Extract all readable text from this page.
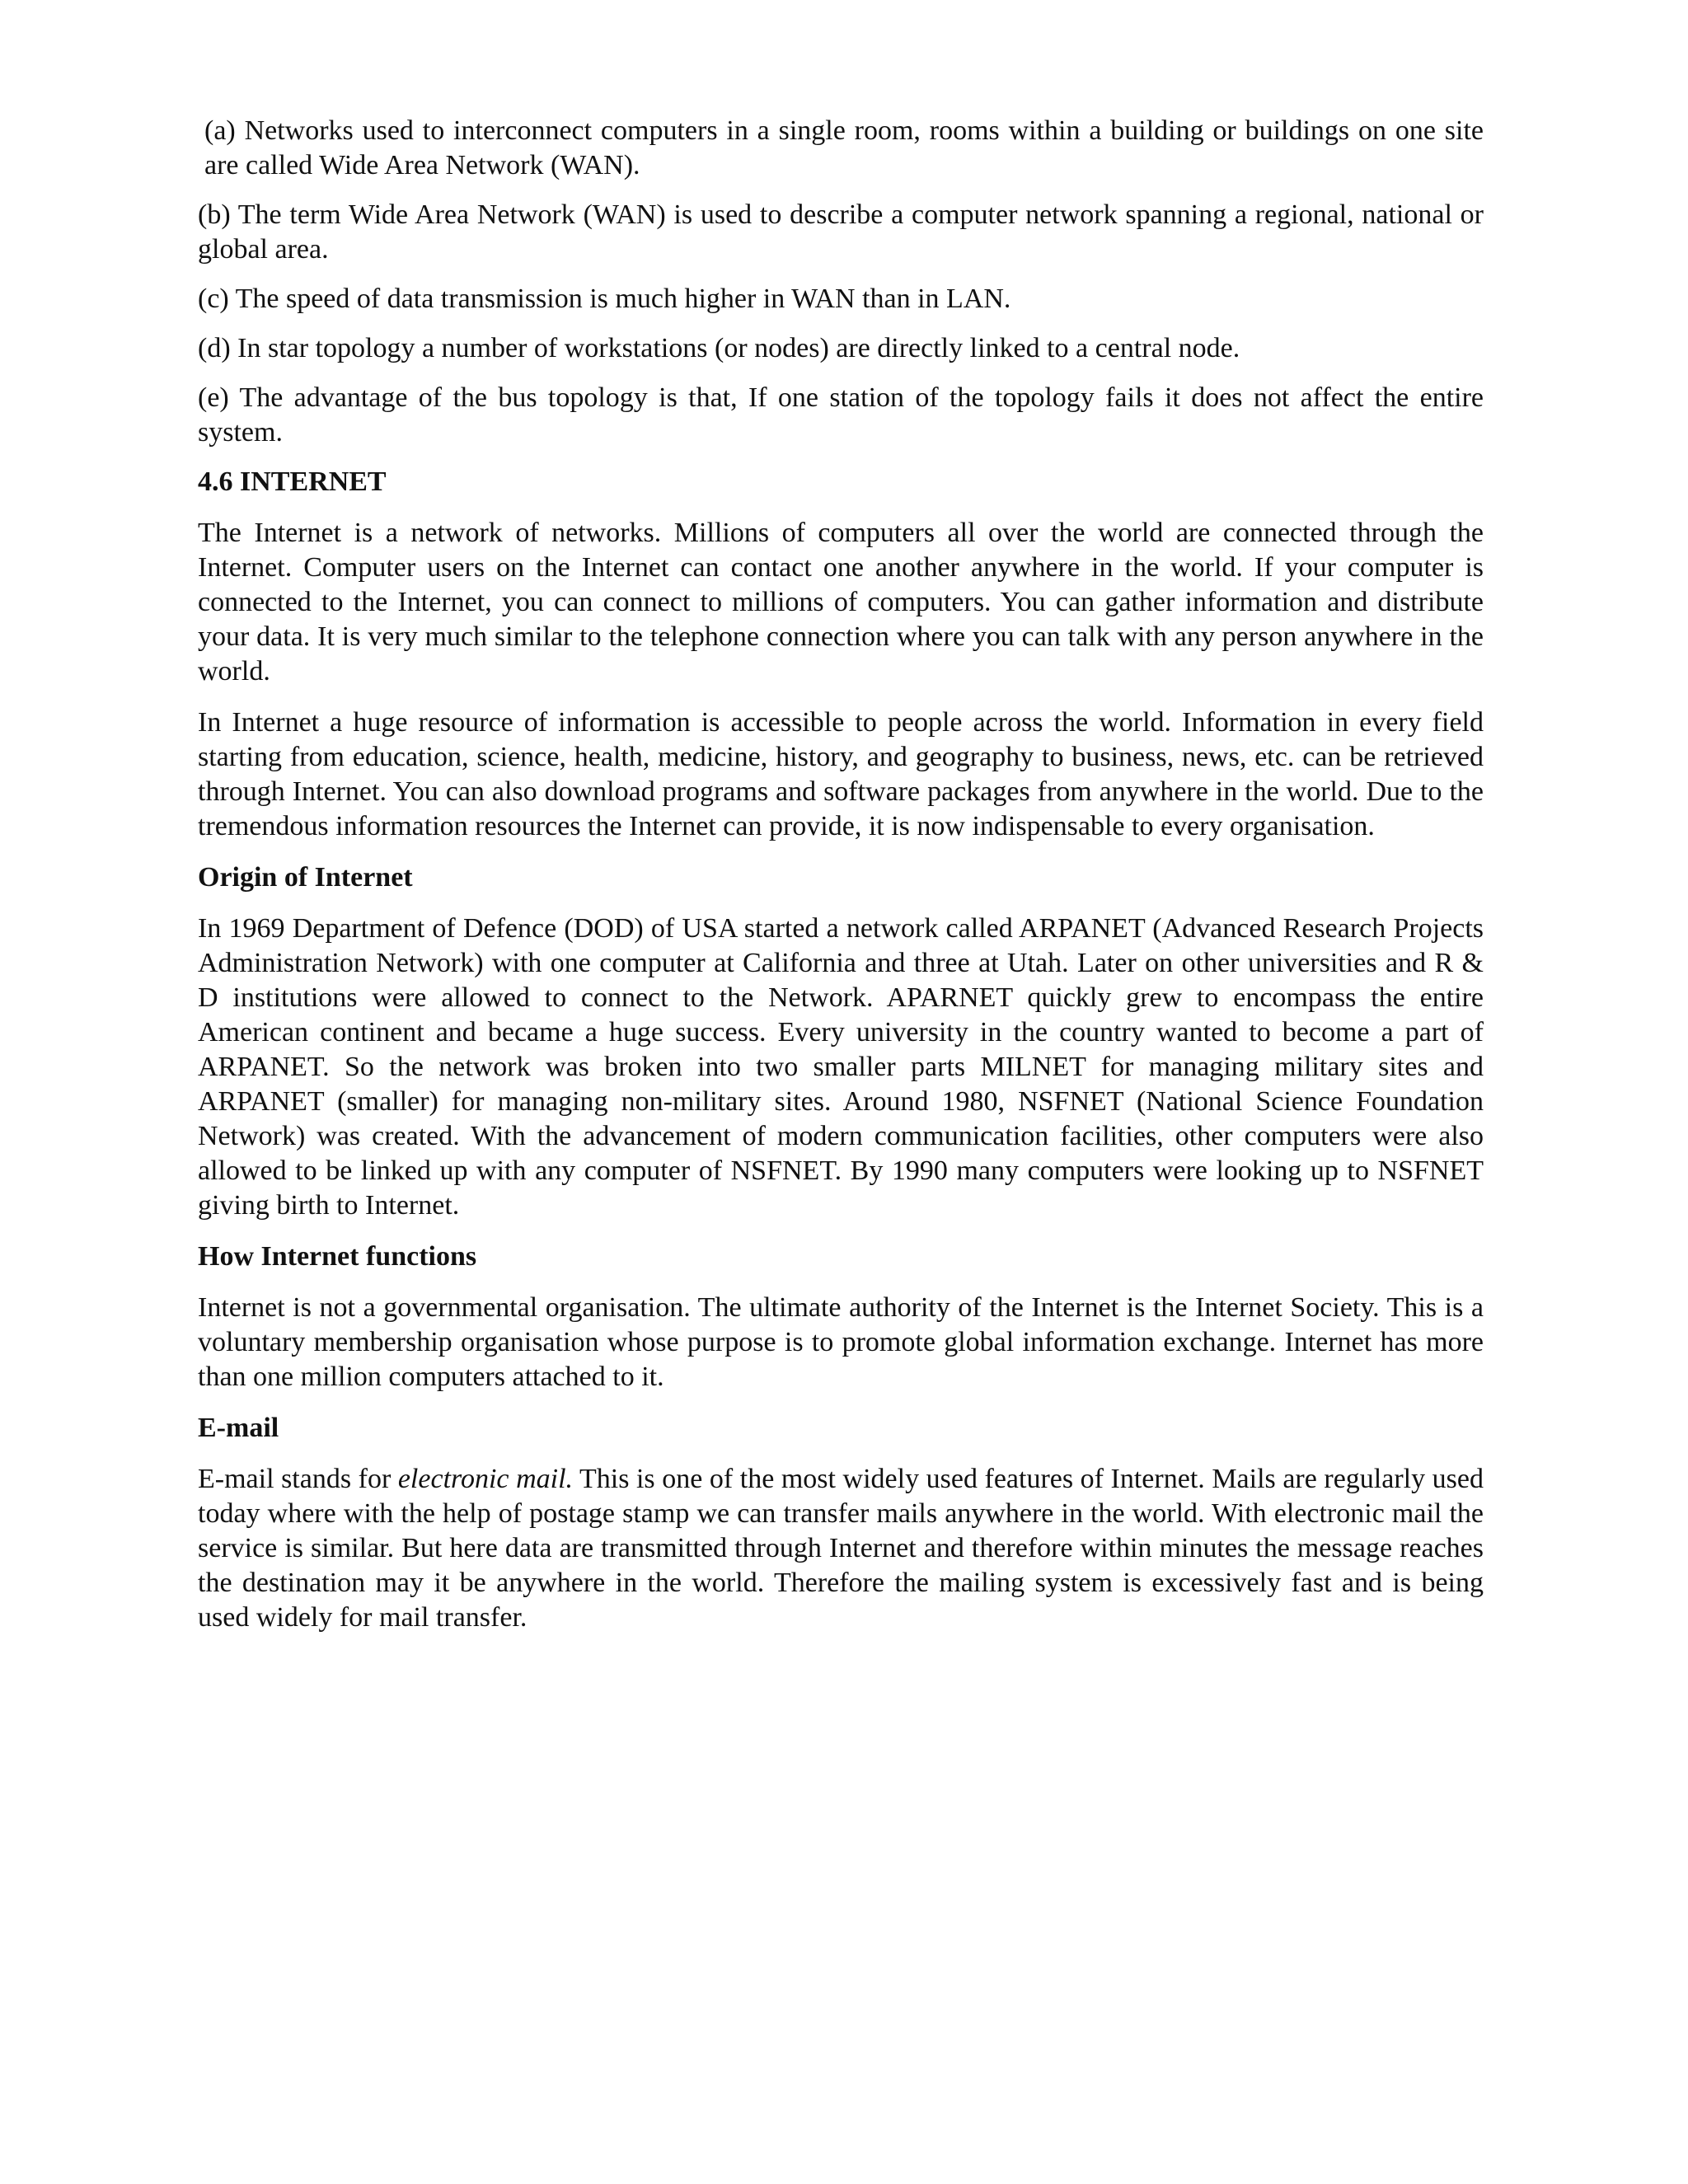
(a) Networks used to interconnect computers in a single room, rooms within a building or buildings on one site are called Wide Area Network (WAN).

(b) The term Wide Area Network (WAN) is used to describe a computer network spanning a regional, national or global area.

(c) The speed of data transmission is much higher in WAN than in LAN.

(d) In star topology a number of workstations (or nodes) are directly linked to a central node.

(e) The advantage of the bus topology is that, If one station of the topology fails it does not affect the entire system.

4.6 INTERNET

The Internet is a network of networks. Millions of computers all over the world are connected through the Internet. Computer users on the Internet can contact one another anywhere in the world. If your computer is connected to the Internet, you can connect to millions of computers. You can gather information and distribute your data. It is very much similar to the telephone connection where you can talk with any person anywhere in the world.

In Internet a huge resource of information is accessible to people across the world. Information in every field starting from education, science, health, medicine, history, and geography to business, news, etc. can be retrieved through Internet. You can also download programs and software packages from anywhere in the world. Due to the tremendous information resources the Internet can provide, it is now indispensable to every organisation.

Origin of Internet

In 1969 Department of Defence (DOD) of USA started a network called ARPANET (Advanced Research Projects Administration Network) with one computer at California and three at Utah. Later on other universities and R & D institutions were allowed to connect to the Network. APARNET quickly grew to encompass the entire American continent and became a huge success. Every university in the country wanted to become a part of ARPANET. So the network was broken into two smaller parts MILNET for managing military sites and ARPANET (smaller) for managing non-military sites. Around 1980, NSFNET (National Science Foundation Network) was created. With the advancement of modern communication facilities, other computers were also allowed to be linked up with any computer of NSFNET. By 1990 many computers were looking up to NSFNET giving birth to Internet.

How Internet functions

Internet is not a governmental organisation. The ultimate authority of the Internet is the Internet Society. This is a voluntary membership organisation whose purpose is to promote global information exchange. Internet has more than one million computers attached to it.

E-mail

E-mail stands for electronic mail. This is one of the most widely used features of Internet. Mails are regularly used today where with the help of postage stamp we can transfer mails anywhere in the world. With electronic mail the service is similar. But here data are transmitted through Internet and therefore within minutes the message reaches the destination may it be anywhere in the world. Therefore the mailing system is excessively fast and is being used widely for mail transfer.
